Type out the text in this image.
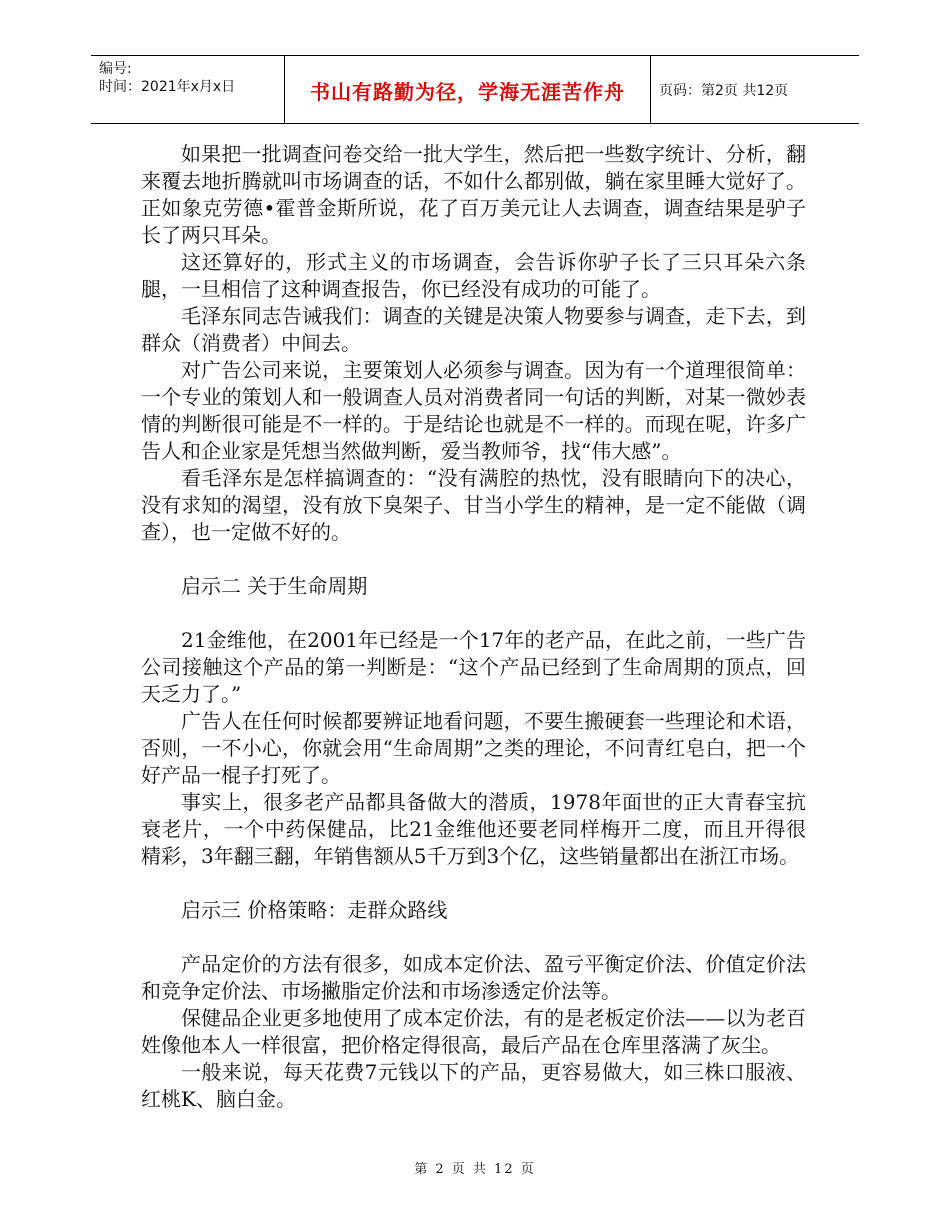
编号:
时间：2021年x月x日	书山有路勤为径，学海无涯苦作舟	页码：第2页 共12页

如果把一批调查问卷交给一批大学生，然后把一些数字统计、分析，翻来覆去地折腾就叫市场调查的话，不如什么都别做，躺在家里睡大觉好了。正如象克劳德•霍普金斯所说，花了百万美元让人去调查，调查结果是驴子长了两只耳朵。

这还算好的，形式主义的市场调查，会告诉你驴子长了三只耳朵六条腿，一旦相信了这种调查报告，你已经没有成功的可能了。

毛泽东同志告诫我们：调查的关键是决策人物要参与调查，走下去，到群众（消费者）中间去。

对广告公司来说，主要策划人必须参与调查。因为有一个道理很简单：一个专业的策划人和一般调查人员对消费者同一句话的判断，对某一微妙表情的判断很可能是不一样的。于是结论也就是不一样的。而现在呢，许多广告人和企业家是凭想当然做判断，爱当教师爷，找“伟大感”。

看毛泽东是怎样搞调查的：“没有满腔的热忱，没有眼睛向下的决心，没有求知的渴望，没有放下臭架子、甘当小学生的精神，是一定不能做（调查），也一定做不好的。

启示二 关于生命周期

21金维他，在2001年已经是一个17年的老产品，在此之前，一些广告公司接触这个产品的第一判断是：“这个产品已经到了生命周期的顶点，回天乏力了。”

广告人在任何时候都要辨证地看问题，不要生搬硬套一些理论和术语，否则，一不小心，你就会用“生命周期”之类的理论，不问青红皂白，把一个好产品一棍子打死了。

事实上，很多老产品都具备做大的潜质，1978年面世的正大青春宝抗衰老片，一个中药保健品，比21金维他还要老同样梅开二度，而且开得很精彩，3年翻三翻，年销售额从5千万到3个亿，这些销量都出在浙江市场。

启示三 价格策略：走群众路线

产品定价的方法有很多，如成本定价法、盈亏平衡定价法、价值定价法和竞争定价法、市场撇脂定价法和市场渗透定价法等。

保健品企业更多地使用了成本定价法，有的是老板定价法——以为老百姓像他本人一样很富，把价格定得很高，最后产品在仓库里落满了灰尘。

一般来说，每天花费7元钱以下的产品，更容易做大，如三株口服液、红桃K、脑白金。

第 2 页 共 12 页
